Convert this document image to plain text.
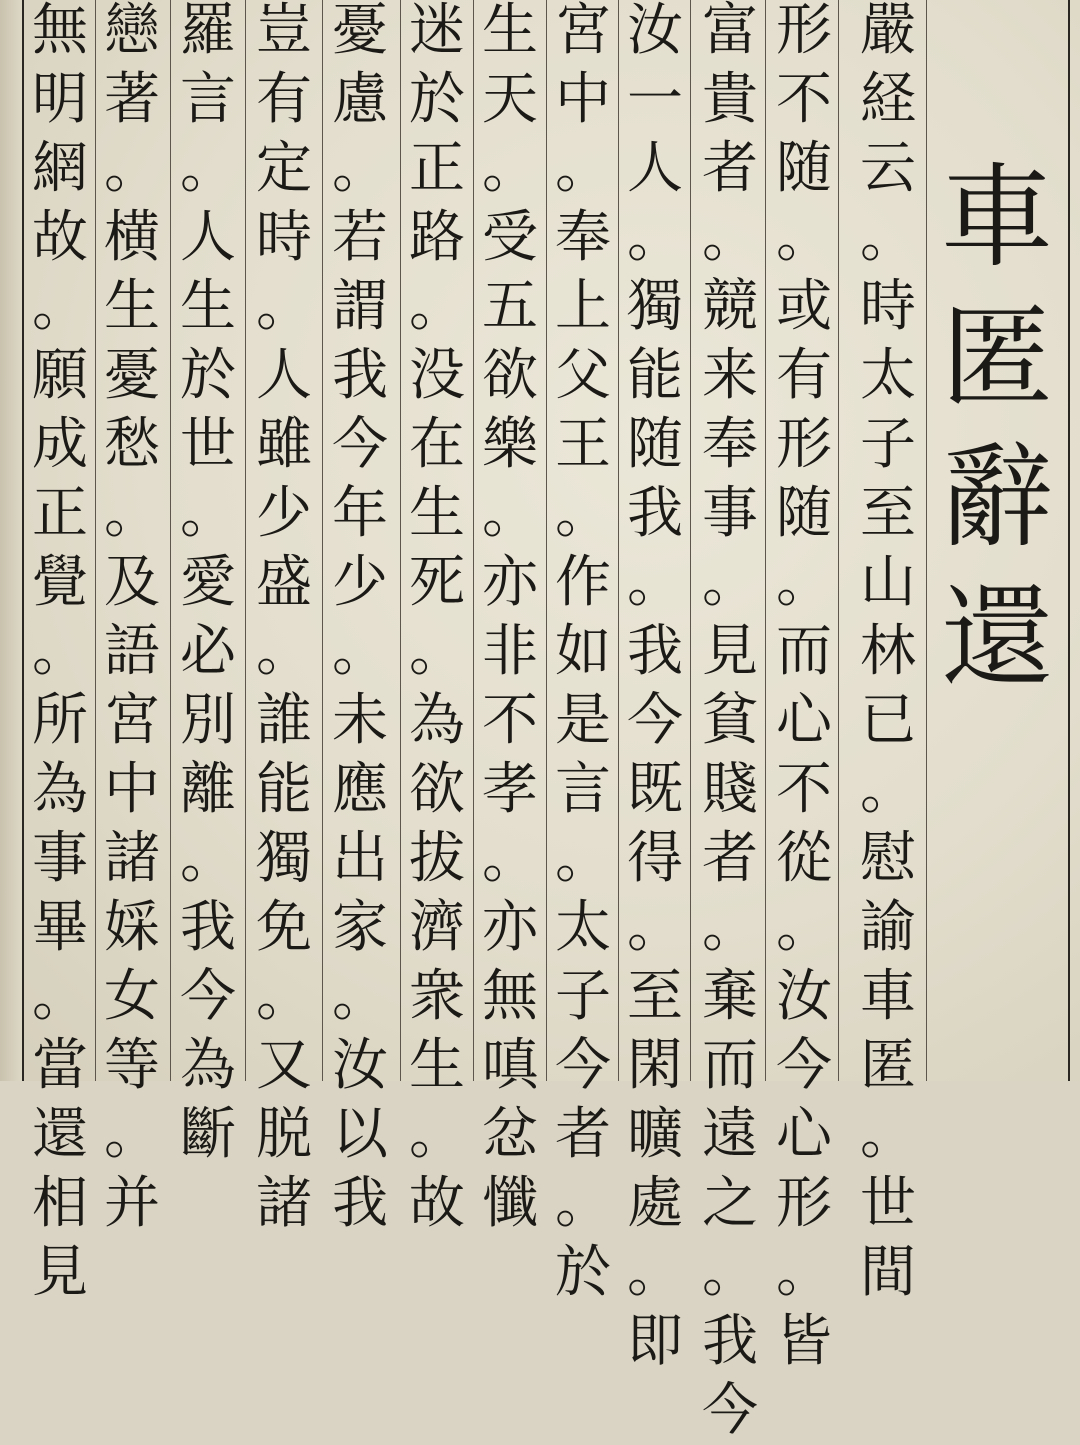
嚴
経
云
。
時
太
子
至
山
林
已
。
慰
諭
車
匿
。
世
間
形
不
随
。
或
有
形
随
。
而
心
不
從
。
汝
今
心
形
。
皆
富
貴
者
。
競
来
奉
事
。
見
貧
賤
者
。
棄
而
遠
之
。
我
今
汝
一
人
。
獨
能
随
我
。
我
今
既
得
。
至
閑
曠
處
。
即
宮
中
。
奉
上
父
王
。
作
如
是
言
。
太
子
今
者
。
於
生
天
。
受
五
欲
樂
。
亦
非
不
孝
。
亦
無
嗔
忿
懺
迷
於
正
路
。
没
在
生
死
。
為
欲
拔
濟
衆
生
。
故
憂
慮
。
若
謂
我
今
年
少
。
未
應
出
家
。
汝
以
我
豈
有
定
時
。
人
雖
少
盛
。
誰
能
獨
免
。
又
脱
諸
羅
言
。
人
生
於
世
。
愛
必
別
離
。
我
今
為
斷
戀
著
。
横
生
憂
愁
。
及
語
宮
中
諸
婇
女
等
。
并
無
明
網
故
。
願
成
正
覺
。
所
為
事
畢
。
當
還
相
見
車
匿
辭
還
